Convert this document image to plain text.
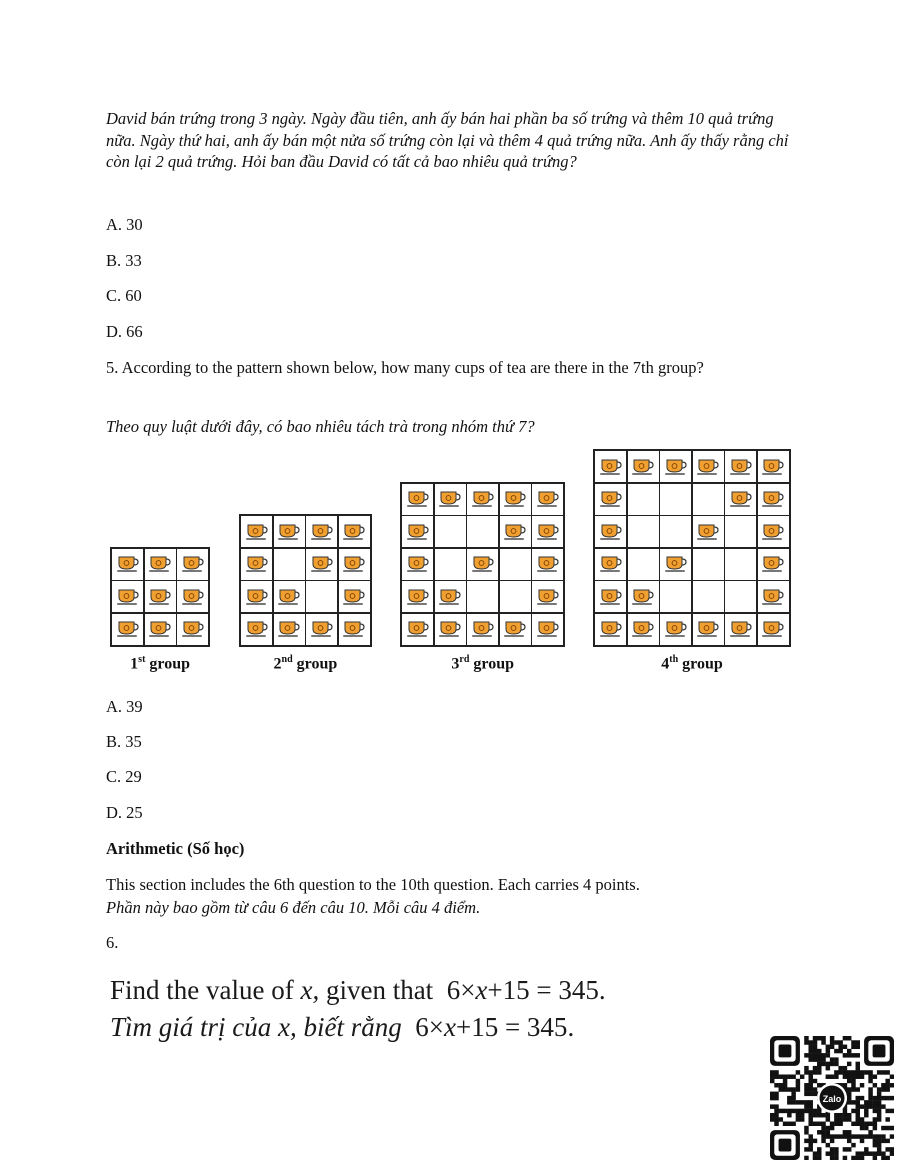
David bán trứng trong 3 ngày. Ngày đầu tiên, anh ấy bán hai phần ba số trứng và thêm 10 quả trứng nữa. Ngày thứ hai, anh ấy bán một nửa số trứng còn lại và thêm 4 quả trứng nữa. Anh ấy thấy rằng chỉ còn lại 2 quả trứng. Hỏi ban đầu David có tất cả bao nhiêu quả trứng?
A. 30
B. 33
C. 60
D. 66
5. According to the pattern shown below, how many cups of tea are there in the 7th group?
Theo quy luật dưới đây, có bao nhiêu tách trà trong nhóm thứ 7?
1st group	2nd group	3rd group	4th group
A. 39
B. 35
C. 29
D. 25
Arithmetic (Số học)
This section includes the 6th question to the 10th question. Each carries 4 points.
Phần này bao gồm từ câu 6 đến câu 10. Mỗi câu 4 điểm.
6.
Find the value of x, given that 6×x+15 = 345.
Tìm giá trị của x, biết rằng 6×x+15 = 345.
Zalo
